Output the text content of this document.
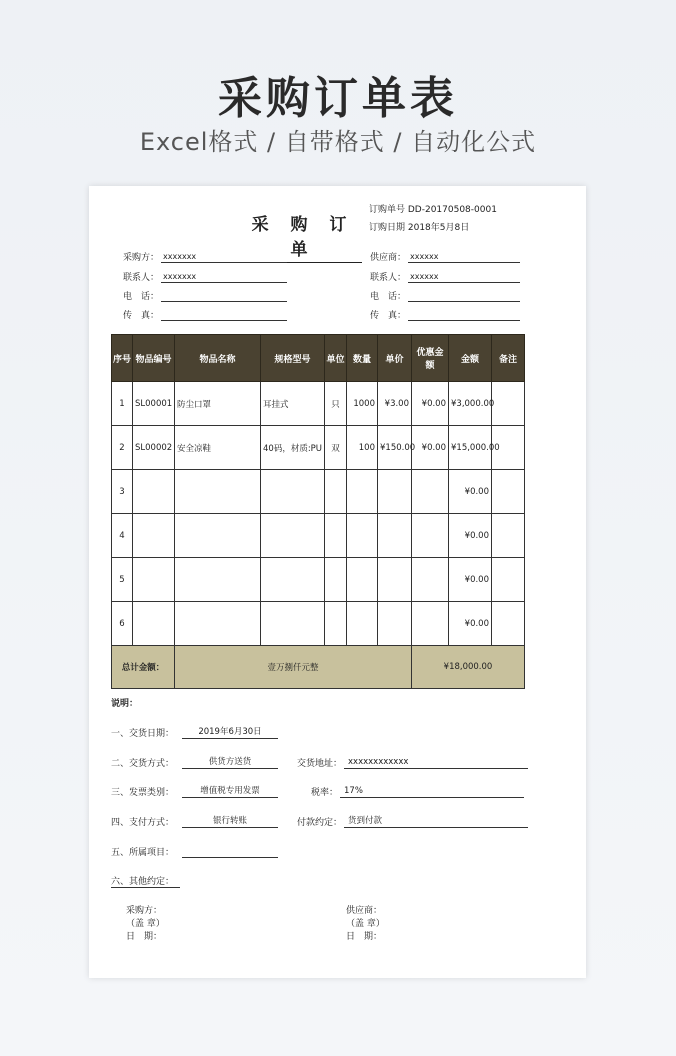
采购订单表
Excel格式 / 自带格式 / 自动化公式
采 购 订 单
订购单号 DD-20170508-0001
订购日期 2018年5月8日
采购方： xxxxxxx
联系人： xxxxxxx
电　话：
传　真：
供应商： xxxxxx
联系人： xxxxxx
电　话：
传　真：
序号	物品编号	物品名称	规格型号	单位	数量	单价	优惠金额	金额	备注
1	SL00001	防尘口罩	耳挂式	只	1000	¥3.00	¥0.00	¥3,000.00	
2	SL00002	安全凉鞋	40码，材质:PU	双	100	¥150.00	¥0.00	¥15,000.00	
3								¥0.00	
4								¥0.00	
5								¥0.00	
6								¥0.00	
总计金额：		壹万捌仟元整					¥18,000.00		
说明：
一、交货日期：	2019年6月30日
二、交货方式：	供货方送货	交货地址： xxxxxxxxxxxx
三、发票类别：	增值税专用发票	税率： 17%
四、支付方式：	银行转账	付款约定： 货到付款
五、所属项目：
六、其他约定：
采购方：
（盖 章）
日　期：
供应商：
（盖 章）
日　期：
